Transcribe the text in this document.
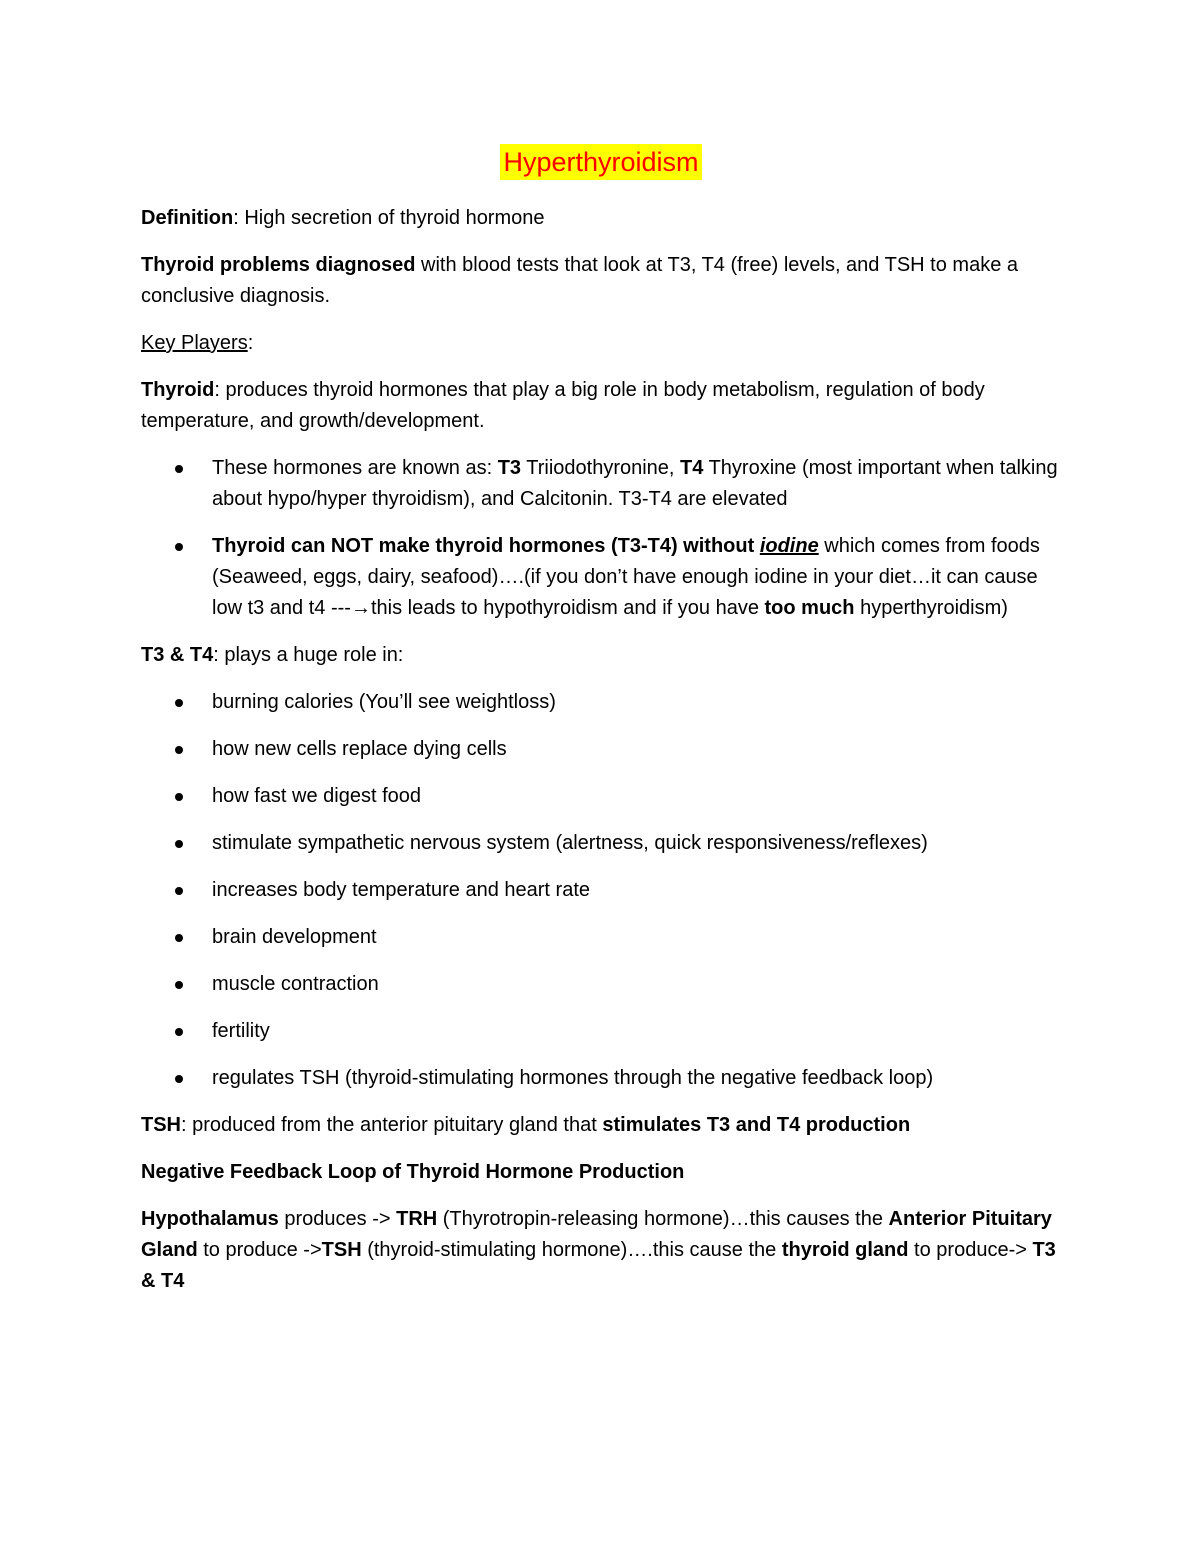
Hyperthyroidism

Definition: High secretion of thyroid hormone

Thyroid problems diagnosed with blood tests that look at T3, T4 (free) levels, and TSH to make a conclusive diagnosis.

Key Players:

Thyroid: produces thyroid hormones that play a big role in body metabolism, regulation of body temperature, and growth/development.

These hormones are known as: T3 Triiodothyronine, T4 Thyroxine (most important when talking about hypo/hyper thyroidism), and Calcitonin. T3-T4 are elevated
Thyroid can NOT make thyroid hormones (T3-T4) without iodine which comes from foods (Seaweed, eggs, dairy, seafood)….(if you don’t have enough iodine in your diet…it can cause low t3 and t4 ---→this leads to hypothyroidism and if you have too much hyperthyroidism)

T3 & T4: plays a huge role in:

burning calories (You’ll see weightloss)
how new cells replace dying cells
how fast we digest food
stimulate sympathetic nervous system (alertness, quick responsiveness/reflexes)
increases body temperature and heart rate
brain development
muscle contraction
fertility
regulates TSH (thyroid-stimulating hormones through the negative feedback loop)

TSH: produced from the anterior pituitary gland that stimulates T3 and T4 production

Negative Feedback Loop of Thyroid Hormone Production

Hypothalamus produces -> TRH (Thyrotropin-releasing hormone)…this causes the Anterior Pituitary Gland to produce ->TSH (thyroid-stimulating hormone)….this cause the thyroid gland to produce-> T3 & T4
